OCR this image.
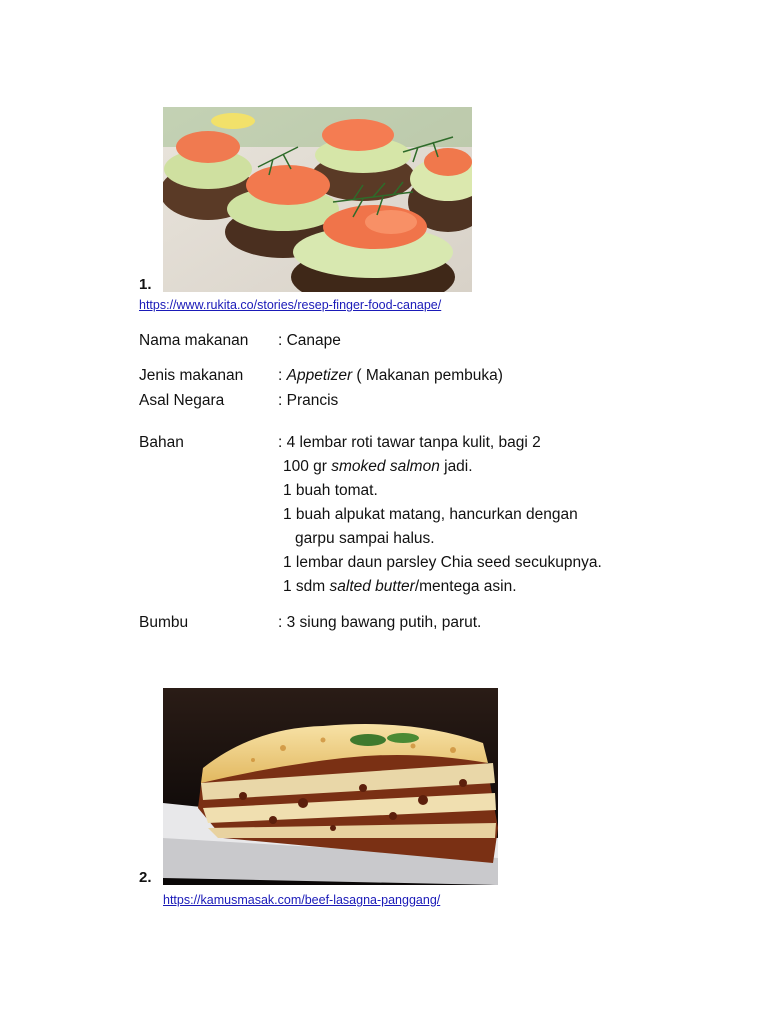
1.
https://www.rukita.co/stories/resep-finger-food-canape/
Nama makanan : Canape
Jenis makanan : Appetizer ( Makanan pembuka)
Asal Negara	: Prancis
Bahan	: 4 lembar roti tawar tanpa kulit, bagi 2
100 gr smoked salmon jadi.
1 buah tomat.
1 buah alpukat matang, hancurkan dengan
garpu sampai halus.
1 lembar daun parsley Chia seed secukupnya.
1 sdm salted butter/mentega asin.
Bumbu	: 3 siung bawang putih, parut.
2.
https://kamusmasak.com/beef-lasagna-panggang/
